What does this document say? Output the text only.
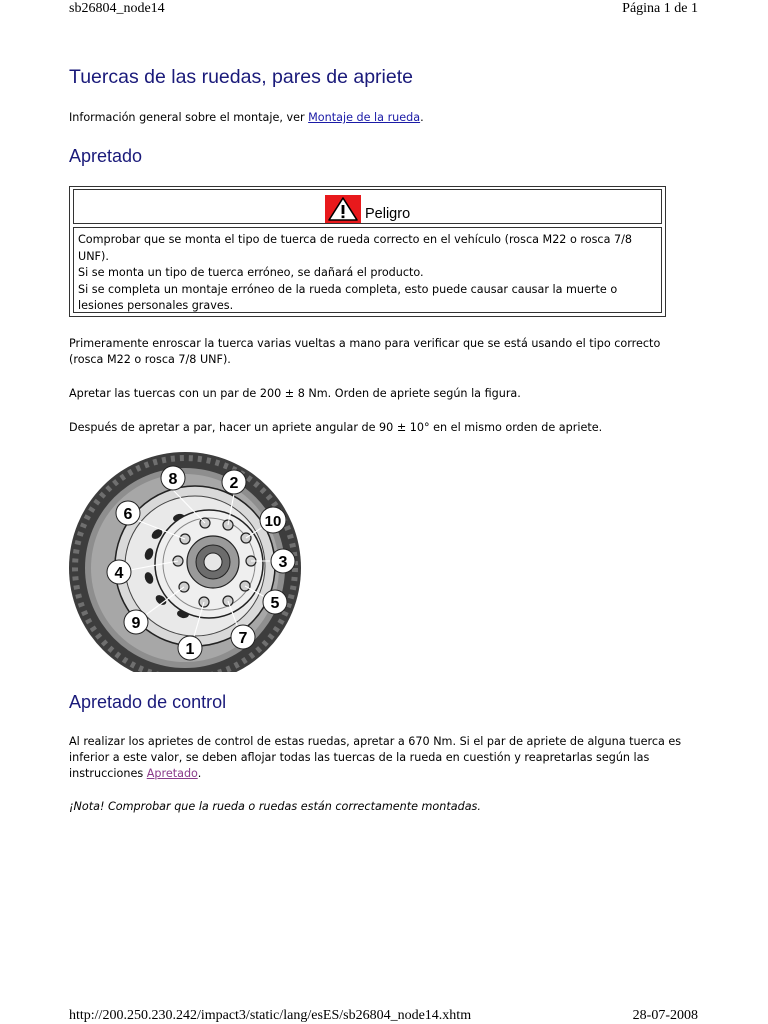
sb26804_node14	Página 1 de 1
Tuercas de las ruedas, pares de apriete

Información general sobre el montaje, ver Montaje de la rueda.

Apretado
Peligro
Comprobar que se monta el tipo de tuerca de rueda correcto en el vehículo (rosca M22 o rosca 7/8
UNF).
Si se monta un tipo de tuerca erróneo, se dañará el producto.
Si se completa un montaje erróneo de la rueda completa, esto puede causar causar la muerte o
lesiones personales graves.

Primeramente enroscar la tuerca varias vueltas a mano para verificar que se está usando el tipo correcto
(rosca M22 o rosca 7/8 UNF).

Apretar las tuercas con un par de 200 ± 8 Nm. Orden de apriete según la figura.

Después de apretar a par, hacer un apriete angular de 90 ± 10° en el mismo orden de apriete.

Apretado de control

Al realizar los aprietes de control de estas ruedas, apretar a 670 Nm. Si el par de apriete de alguna tuerca es
inferior a este valor, se deben aflojar todas las tuercas de la rueda en cuestión y reapretarlas según las
instrucciones Apretado.

¡Nota! Comprobar que la rueda o ruedas están correctamente montadas.

8	2
6	10
3
4
5
9
7
1
http://200.250.230.242/impact3/static/lang/esES/sb26804_node14.xhtm	28-07-2008
